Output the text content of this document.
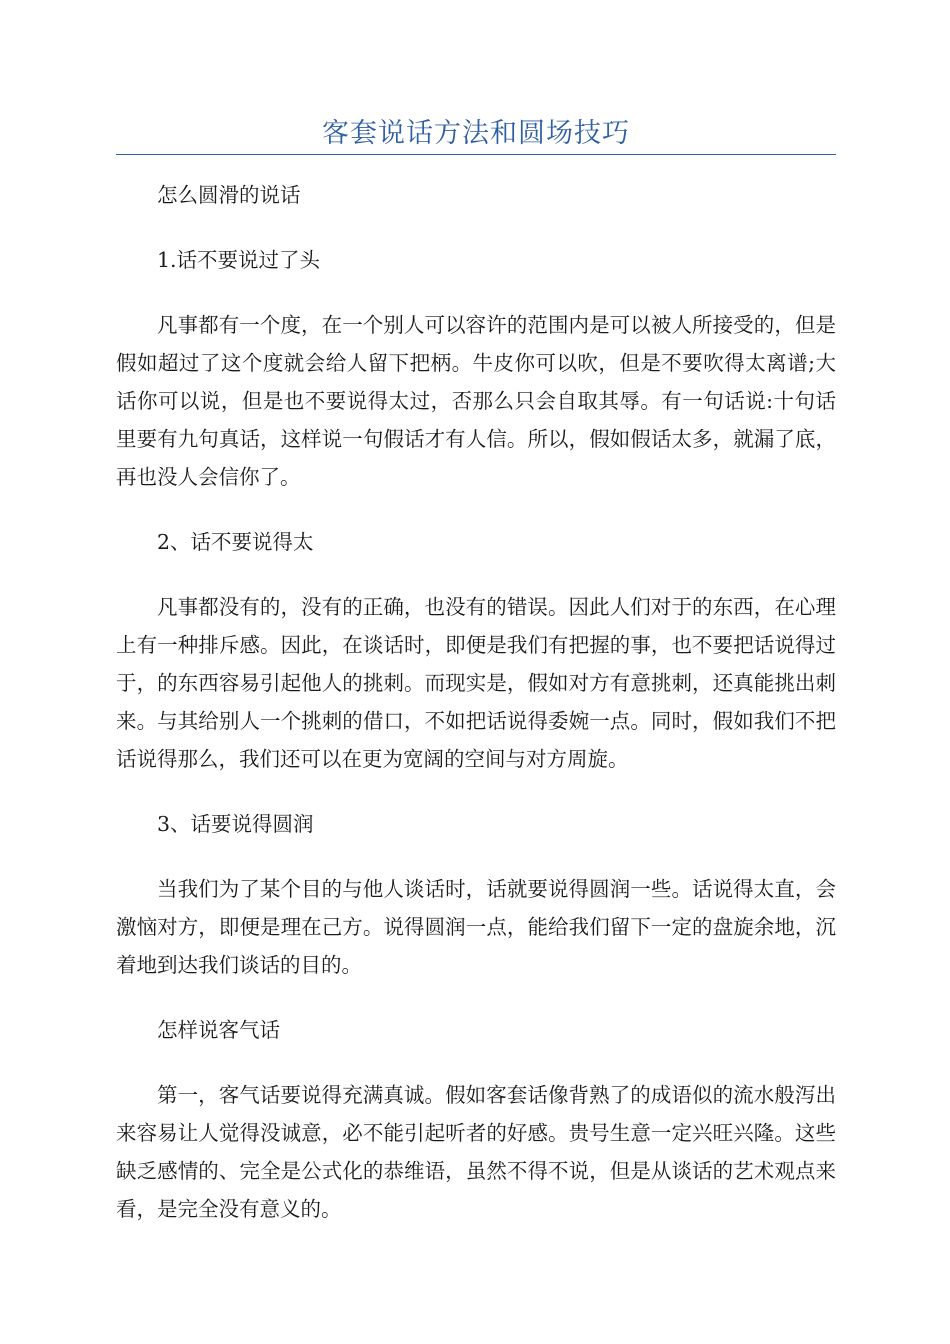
客套说话方法和圆场技巧

怎么圆滑的说话

1.话不要说过了头

凡事都有一个度，在一个别人可以容许的范围内是可以被人所接受的，但是假如超过了这个度就会给人留下把柄。牛皮你可以吹，但是不要吹得太离谱;大话你可以说，但是也不要说得太过，否那么只会自取其辱。有一句话说:十句话里要有九句真话，这样说一句假话才有人信。所以，假如假话太多，就漏了底，再也没人会信你了。

2、话不要说得太

凡事都没有的，没有的正确，也没有的错误。因此人们对于的东西，在心理上有一种排斥感。因此，在谈话时，即便是我们有把握的事，也不要把话说得过于，的东西容易引起他人的挑刺。而现实是，假如对方有意挑刺，还真能挑出刺来。与其给别人一个挑刺的借口，不如把话说得委婉一点。同时，假如我们不把话说得那么，我们还可以在更为宽阔的空间与对方周旋。

3、话要说得圆润

当我们为了某个目的与他人谈话时，话就要说得圆润一些。话说得太直，会激恼对方，即便是理在己方。说得圆润一点，能给我们留下一定的盘旋余地，沉着地到达我们谈话的目的。

怎样说客气话

第一，客气话要说得充满真诚。假如客套话像背熟了的成语似的流水般泻出来容易让人觉得没诚意，必不能引起听者的好感。贵号生意一定兴旺兴隆。这些缺乏感情的、完全是公式化的恭维语，虽然不得不说，但是从谈话的艺术观点来看，是完全没有意义的。
